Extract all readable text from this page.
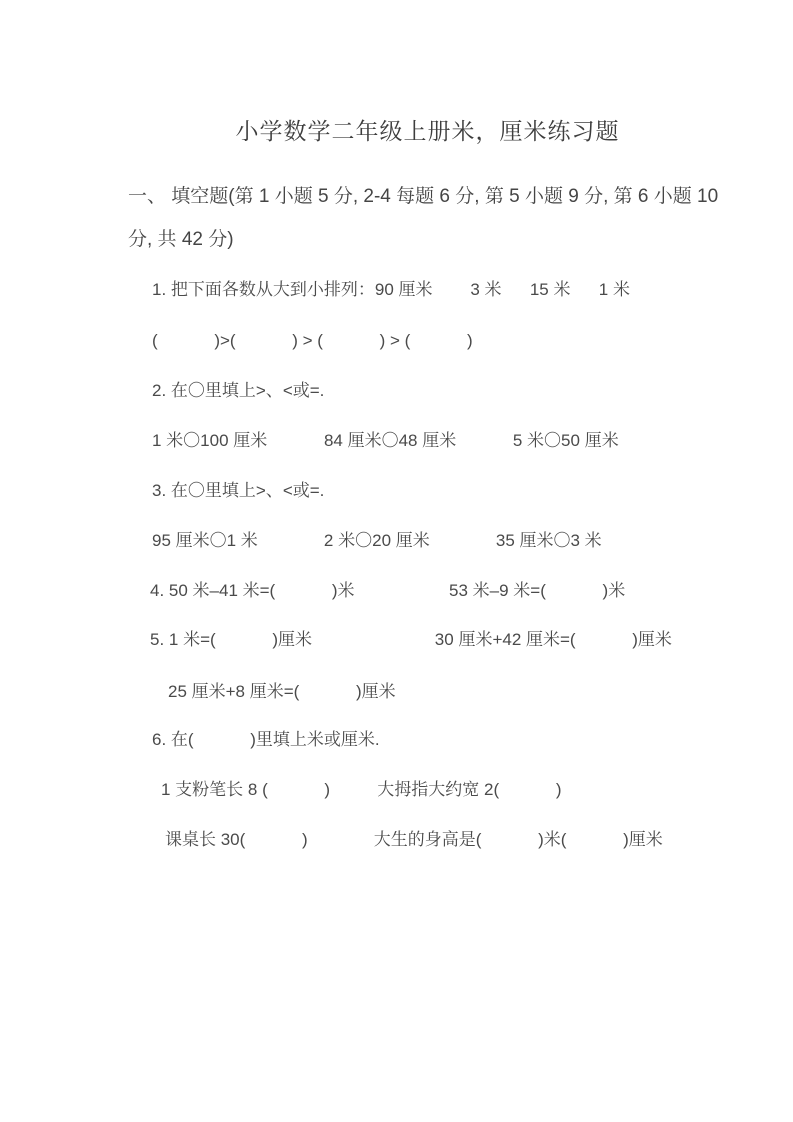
小学数学二年级上册米，厘米练习题
一、 填空题(第 1 小题 5 分, 2-4 每题 6 分, 第 5 小题 9 分, 第 6 小题 10
分, 共 42 分)
1. 把下面各数从大到小排列：90 厘米        3 米      15 米      1 米
(            )>(            ) > (            ) > (            )
2. 在〇里填上>、<或=.
1 米〇100 厘米            84 厘米〇48 厘米            5 米〇50 厘米
3. 在〇里填上>、<或=.
95 厘米〇1 米              2 米〇20 厘米              35 厘米〇3 米
4. 50 米–41 米=(            )米                    53 米–9 米=(            )米
5. 1 米=(            )厘米                          30 厘米+42 厘米=(            )厘米
25 厘米+8 厘米=(            )厘米
6. 在(            )里填上米或厘米.
1 支粉笔长 8 (            )          大拇指大约宽 2(            )
课桌长 30(            )              大生的身高是(            )米(            )厘米
